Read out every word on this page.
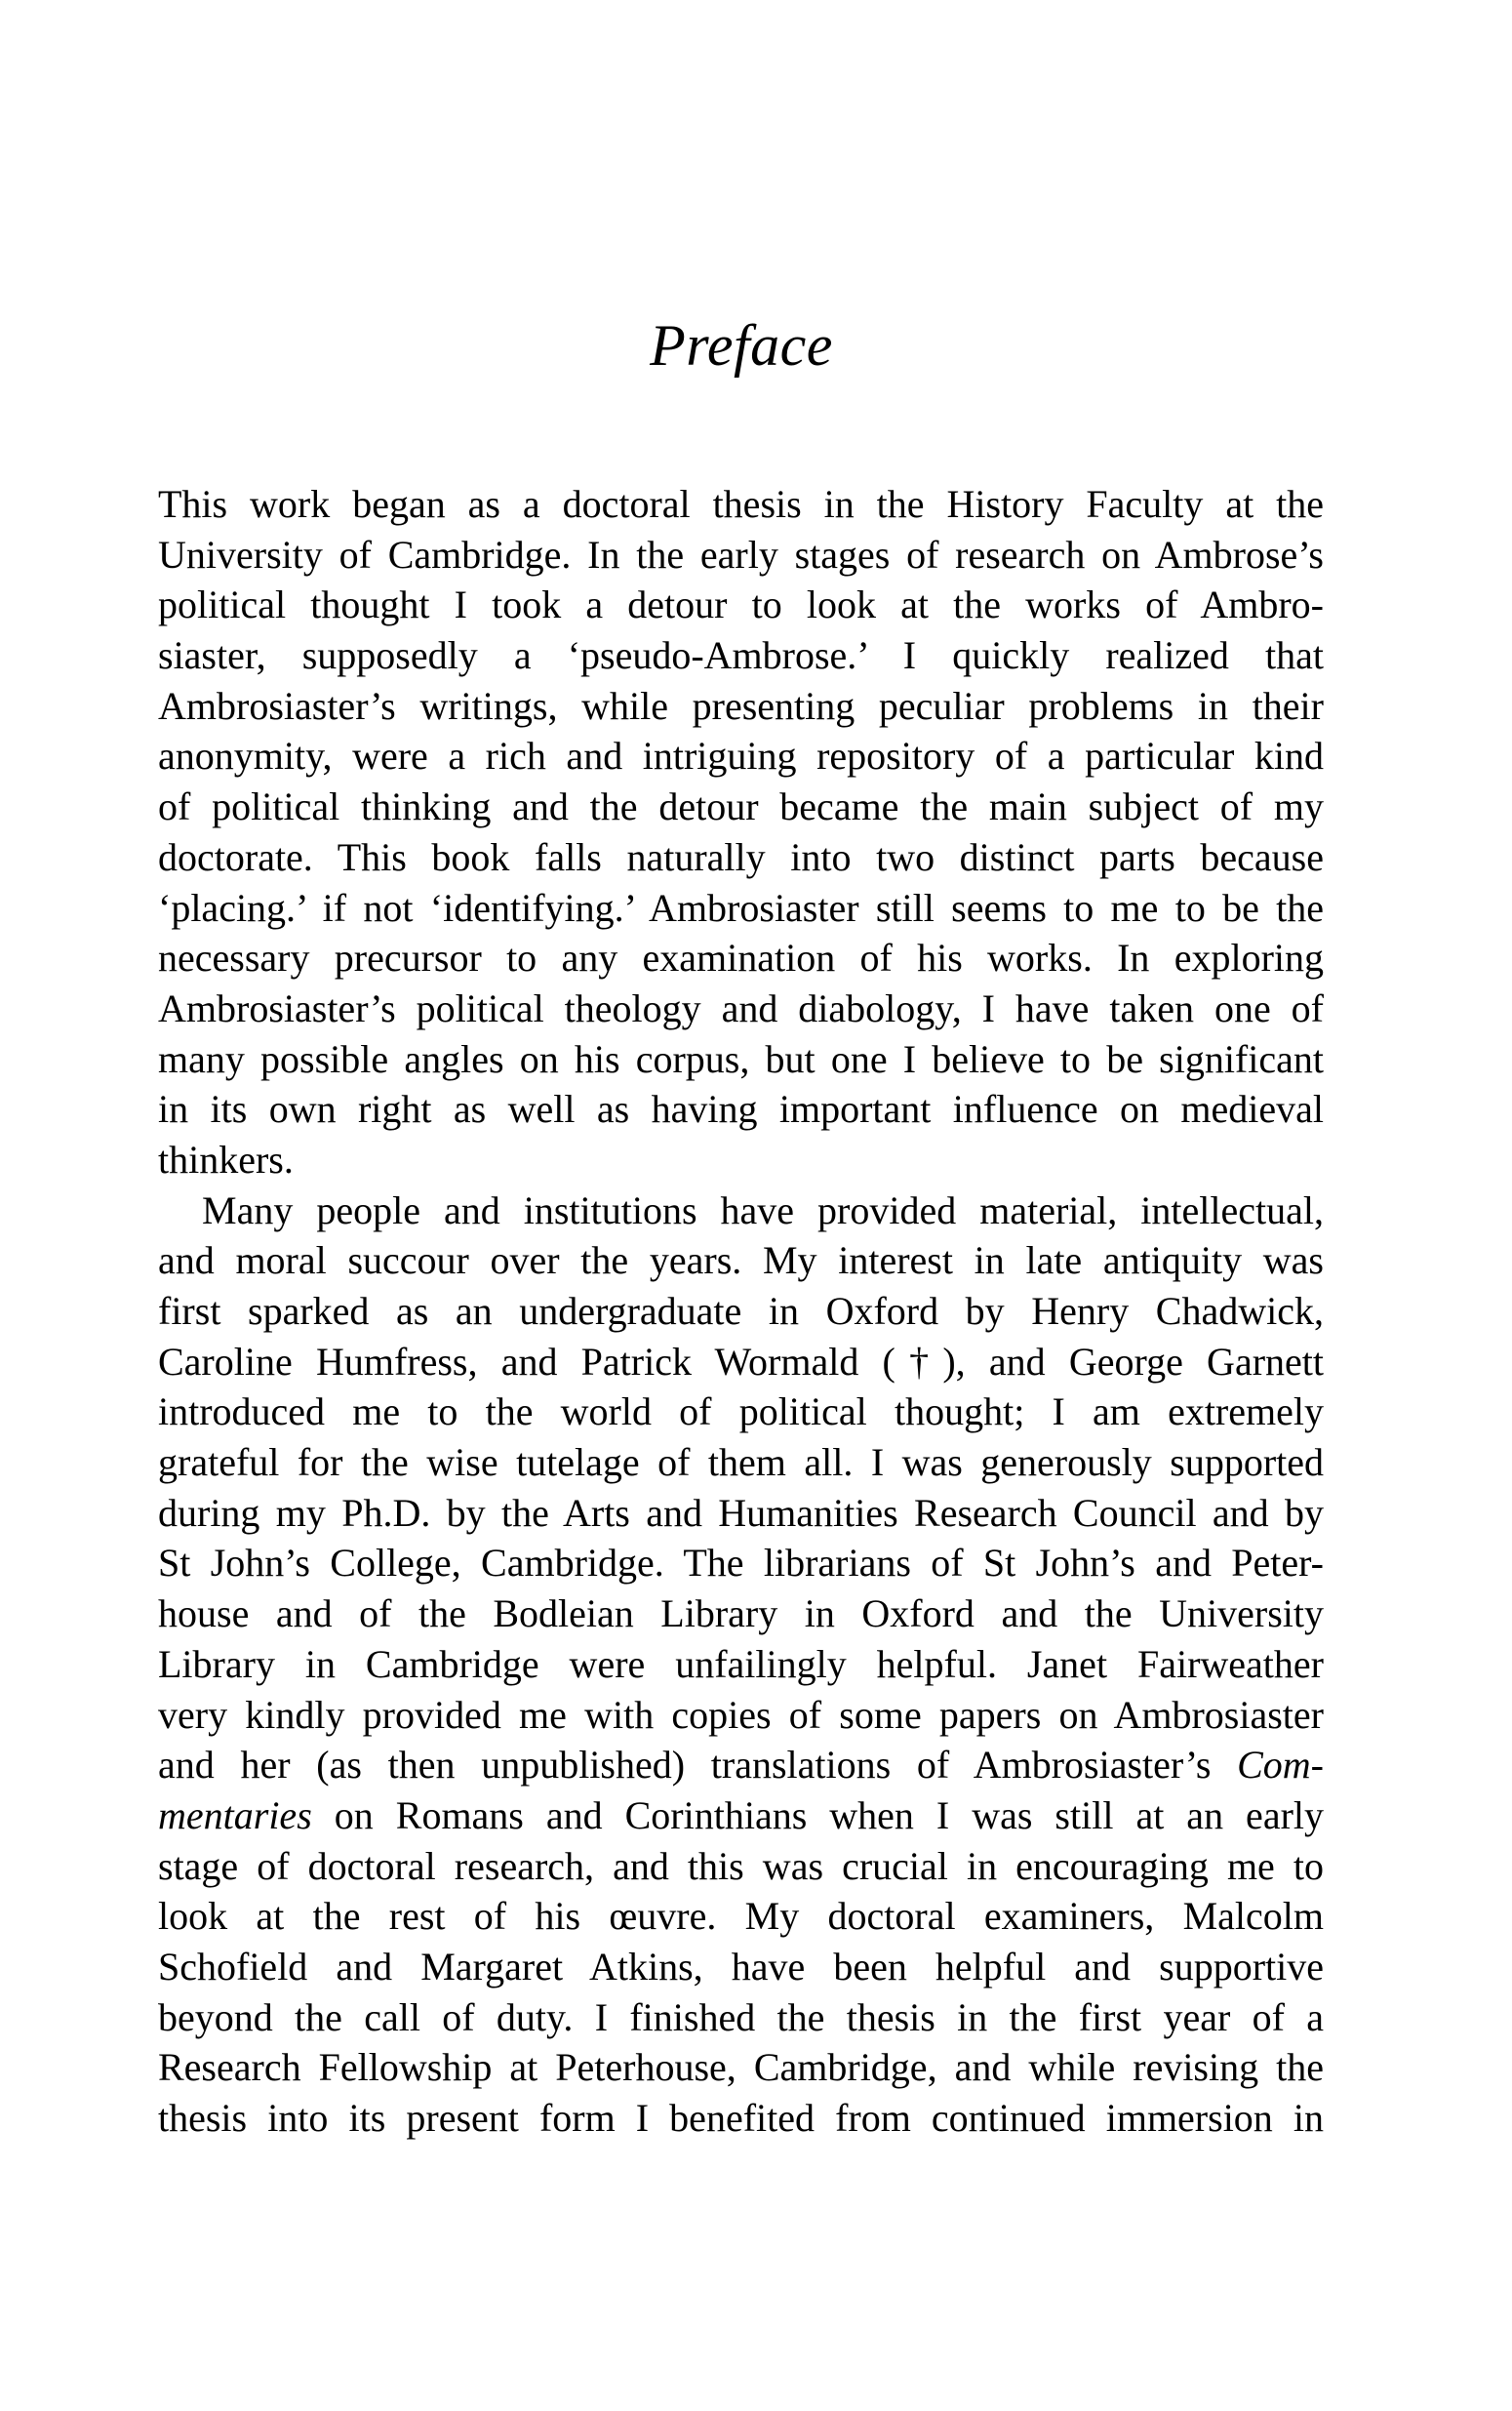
Preface
This work began as a doctoral thesis in the History Faculty at the
University of Cambridge. In the early stages of research on Ambrose’s
political thought I took a detour to look at the works of Ambro-
siaster, supposedly a ‘pseudo-Ambrose.’ I quickly realized that
Ambrosiaster’s writings, while presenting peculiar problems in their
anonymity, were a rich and intriguing repository of a particular kind
of political thinking and the detour became the main subject of my
doctorate. This book falls naturally into two distinct parts because
‘placing.’ if not ‘identifying.’ Ambrosiaster still seems to me to be the
necessary precursor to any examination of his works. In exploring
Ambrosiaster’s political theology and diabology, I have taken one of
many possible angles on his corpus, but one I believe to be significant
in its own right as well as having important influence on medieval
thinkers.
Many people and institutions have provided material, intellectual,
and moral succour over the years. My interest in late antiquity was
first sparked as an undergraduate in Oxford by Henry Chadwick,
Caroline Humfress, and Patrick Wormald (†), and George Garnett
introduced me to the world of political thought; I am extremely
grateful for the wise tutelage of them all. I was generously supported
during my Ph.D. by the Arts and Humanities Research Council and by
St John’s College, Cambridge. The librarians of St John’s and Peter-
house and of the Bodleian Library in Oxford and the University
Library in Cambridge were unfailingly helpful. Janet Fairweather
very kindly provided me with copies of some papers on Ambrosiaster
and her (as then unpublished) translations of Ambrosiaster’s Com-
mentaries on Romans and Corinthians when I was still at an early
stage of doctoral research, and this was crucial in encouraging me to
look at the rest of his œuvre. My doctoral examiners, Malcolm
Schofield and Margaret Atkins, have been helpful and supportive
beyond the call of duty. I finished the thesis in the first year of a
Research Fellowship at Peterhouse, Cambridge, and while revising the
thesis into its present form I benefited from continued immersion in
